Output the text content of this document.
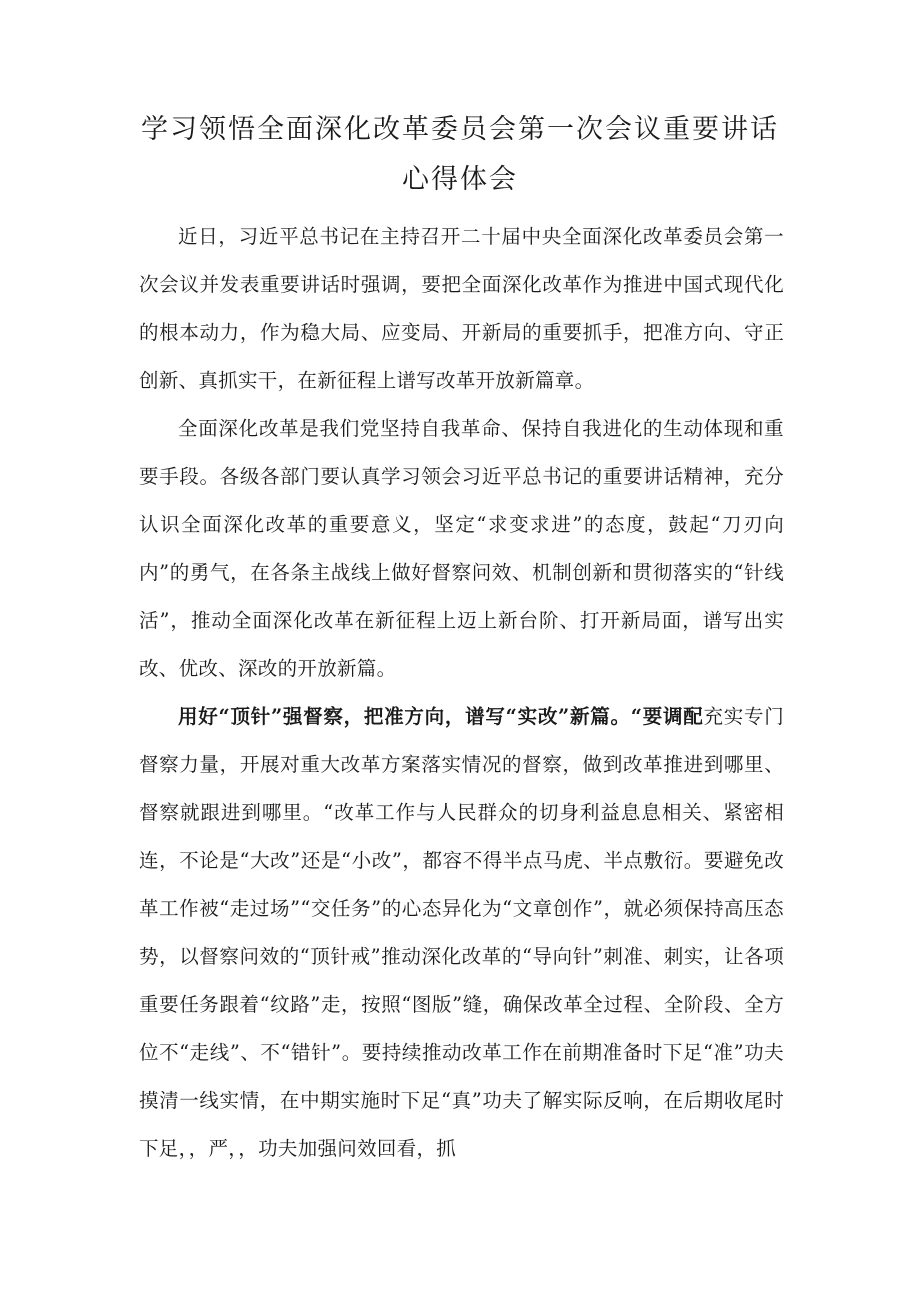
学习领悟全面深化改革委员会第一次会议重要讲话
心得体会

近日，习近平总书记在主持召开二十届中央全面深化改革委员会第一次会议并发表重要讲话时强调，要把全面深化改革作为推进中国式现代化的根本动力，作为稳大局、应变局、开新局的重要抓手，把准方向、守正创新、真抓实干，在新征程上谱写改革开放新篇章。

全面深化改革是我们党坚持自我革命、保持自我进化的生动体现和重要手段。各级各部门要认真学习领会习近平总书记的重要讲话精神，充分认识全面深化改革的重要意义，坚定“求变求进”的态度，鼓起“刀刃向内”的勇气，在各条主战线上做好督察问效、机制创新和贯彻落实的“针线活”，推动全面深化改革在新征程上迈上新台阶、打开新局面，谱写出实改、优改、深改的开放新篇。

用好“顶针”强督察，把准方向，谱写“实改”新篇。“要调配充实专门督察力量，开展对重大改革方案落实情况的督察，做到改革推进到哪里、督察就跟进到哪里。“改革工作与人民群众的切身利益息息相关、紧密相连，不论是“大改”还是“小改”，都容不得半点马虎、半点敷衍。要避免改革工作被“走过场”“交任务”的心态异化为“文章创作”，就必须保持高压态势，以督察问效的“顶针戒”推动深化改革的“导向针”刺准、刺实，让各项重要任务跟着“纹路”走，按照“图版”缝，确保改革全过程、全阶段、全方位不“走线”、不“错针”。要持续推动改革工作在前期准备时下足“准”功夫摸清一线实情，在中期实施时下足“真”功夫了解实际反响，在后期收尾时下足，，严，，功夫加强问效回看，抓
